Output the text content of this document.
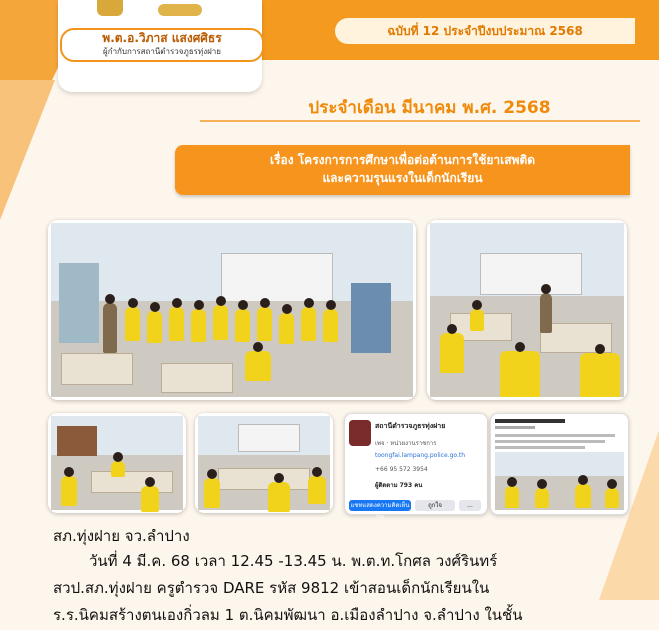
พ.ต.อ.วิภาส แสงศศิธร
ผู้กำกับการสถานีตำรวจภูธรทุ่งฝาย
ฉบับที่ 12 ประจำปีงบประมาณ 2568
ประจำเดือน มีนาคม พ.ศ. 2568
เรื่อง โครงการการศึกษาเพื่อต่อต้านการใช้ยาเสพติด
และความรุนแรงในเด็กนักเรียน
สถานีตำรวจภูธรทุ่งฝาย
เพจ · หน่วยงานราชการ
toongfai.lampang.police.go.th
+66 95 572 3954
ผู้ติดตาม 793 คน
แชทแสดงความคิดเห็นบน
ถูกใจ	...
สภ.ทุ่งฝาย จว.ลำปาง
วันที่ 4 มี.ค. 68 เวลา 12.45 -13.45 น. พ.ต.ท.โกศล วงศ์รินทร์
สวป.สภ.ทุ่งฝาย ครูตำรวจ DARE รหัส 9812 เข้าสอนเด็กนักเรียนใน
ร.ร.นิคมสร้างตนเองกิ่วลม 1 ต.นิคมพัฒนา อ.เมืองลำปาง จ.ลำปาง ในชั้น
